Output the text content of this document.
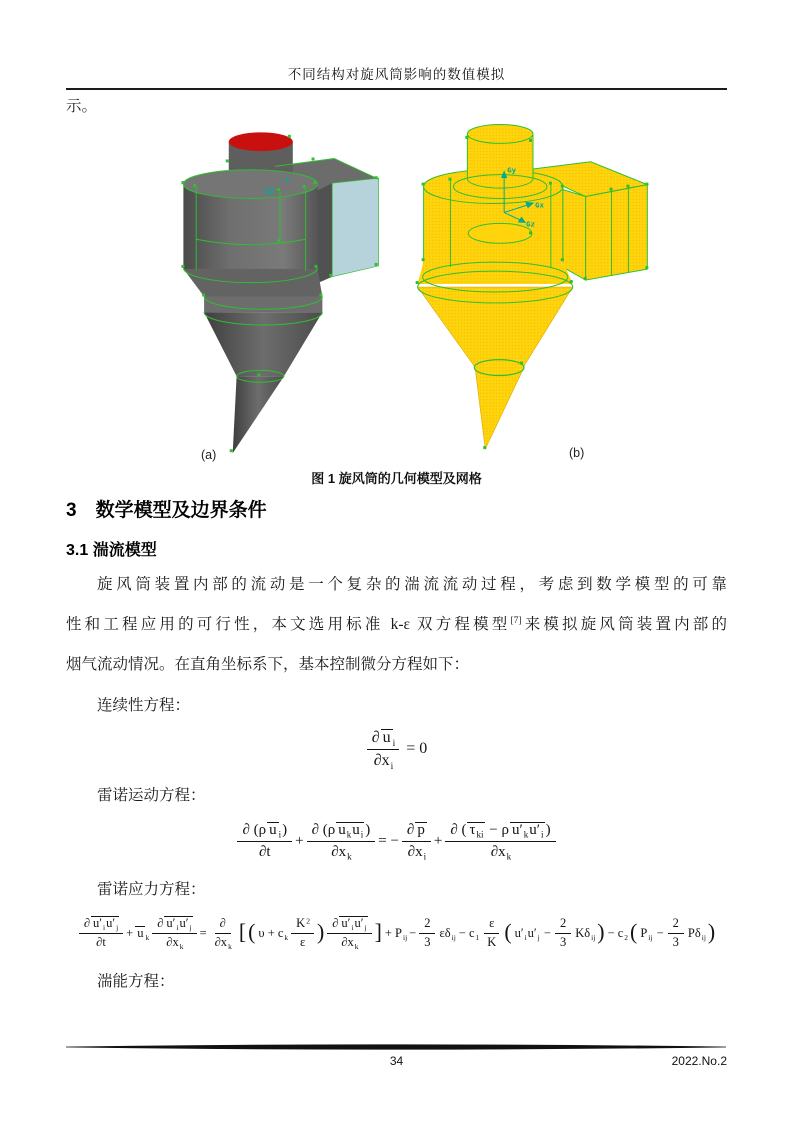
不同结构对旋风筒影响的数值模拟
示。
x
GZ
Gy
Gx
Gz
(a)	(b)
图 1 旋风筒的几何模型及网格
3　数学模型及边界条件
3.1 湍流模型
旋风筒装置内部的流动是一个复杂的湍流流动过程，考虑到数学模型的可靠
性和工程应用的可行性，本文选用标准 k-ε 双方程模型[7]来模拟旋风筒装置内部的
烟气流动情况。在直角坐标系下，基本控制微分方程如下：
连续性方程：
$\frac{\text{∂ u i}}{\partial xi} = 0$
雷诺运动方程：
$\frac{\text{∂ (ρ u i)}}{\partial t} + \frac{\text{∂ (ρ ukui )}}{\partial xk}$ = − $\frac{\partial p}{\partial xi} + \frac{\text{∂ ( τki − ρ u′ku′i )}}{\partial xk}$
雷诺应力方程：
$\frac{\partial u'iu'j}{\partial t} + u$ k $\frac{\partial u'iu'j}{\partial xk} = \frac{\partial}{\partial xk}$ [ ( υ + ck $\frac{K2}{\varepsilon}$ ) $\frac{\partial u'iu'j}{\partial xk}$ ] + Pij − $\frac{2}{3}$ $\varepsilon\delta ij - c1 \frac{\varepsilon}{K}$ ( $u'iu'j - \frac{2}{3}$ Kδij ) − c2 ( Pij − $\frac{2}{3}$ Pδij )
湍能方程：
34	2022.No.2
